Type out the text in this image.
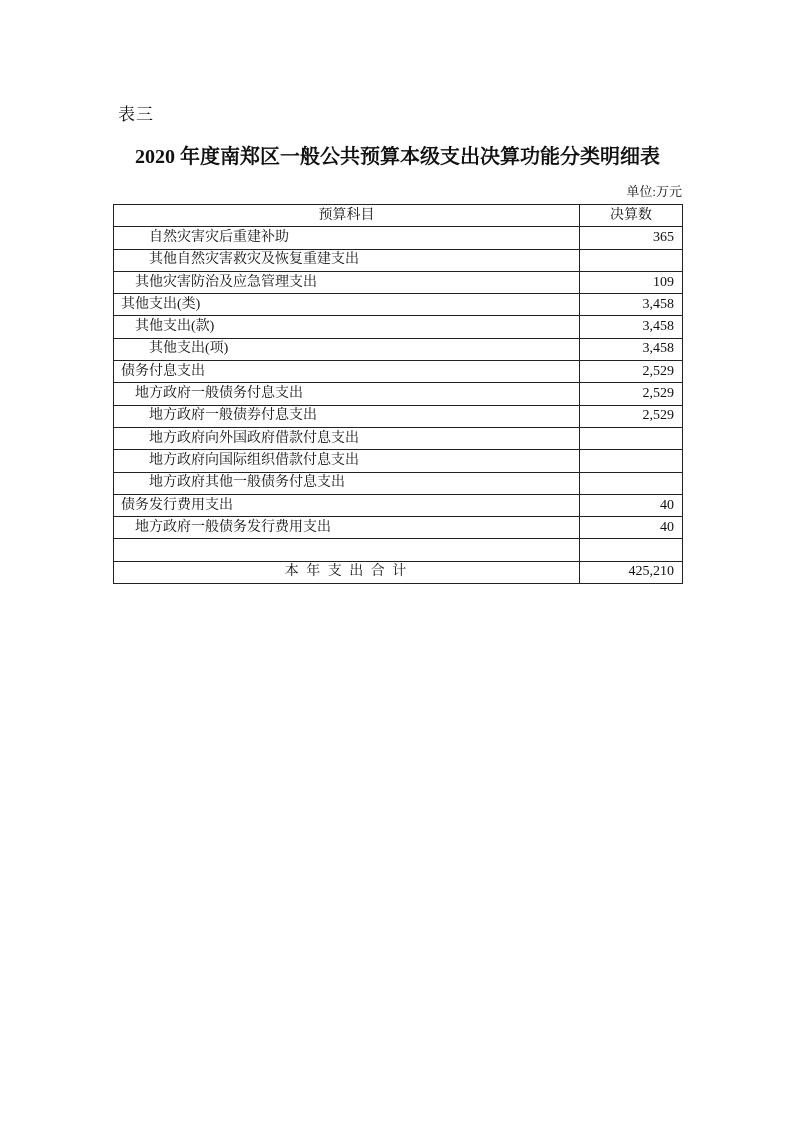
表三
2020 年度南郑区一般公共预算本级支出决算功能分类明细表
单位:万元
预算科目	决算数
自然灾害灾后重建补助	365
其他自然灾害救灾及恢复重建支出	
其他灾害防治及应急管理支出	109
其他支出(类)	3,458
其他支出(款)	3,458
其他支出(项)	3,458
债务付息支出	2,529
地方政府一般债务付息支出	2,529
地方政府一般债券付息支出	2,529
地方政府向外国政府借款付息支出	
地方政府向国际组织借款付息支出	
地方政府其他一般债务付息支出	
债务发行费用支出	40
地方政府一般债务发行费用支出	40

本 年 支 出 合 计	425,210
